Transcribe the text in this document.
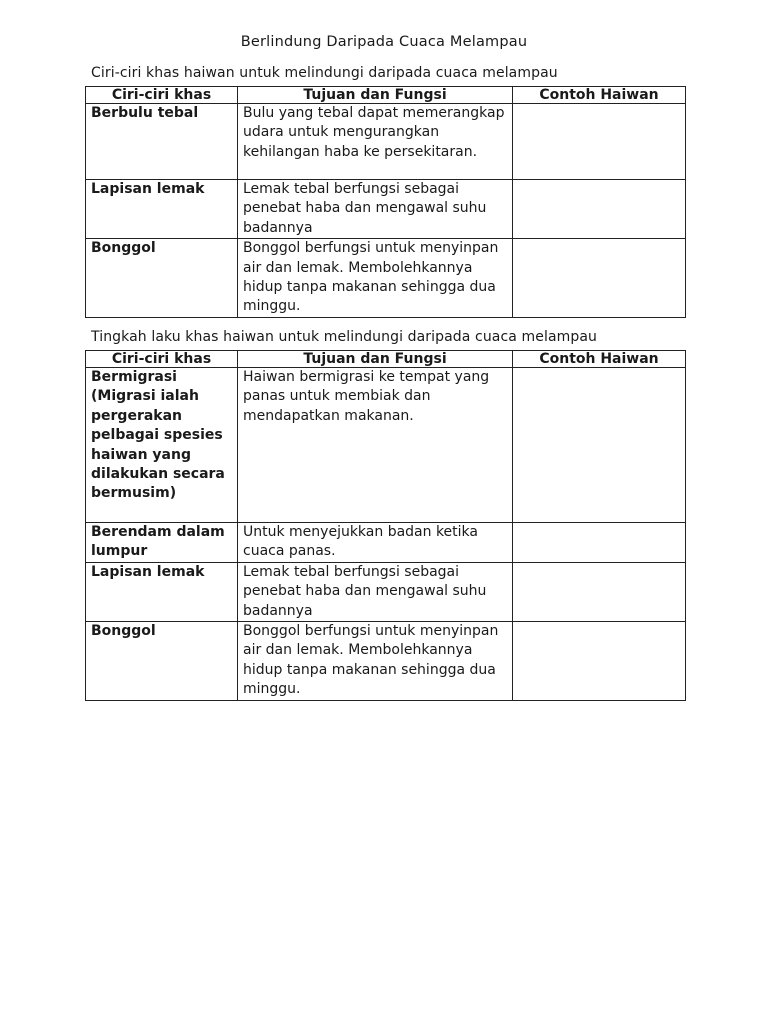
Berlindung Daripada Cuaca Melampau
Ciri-ciri khas haiwan untuk melindungi daripada cuaca melampau
Ciri-ciri khas	Tujuan dan Fungsi	Contoh Haiwan
Berbulu tebal	Bulu yang tebal dapat memerangkap udara untuk mengurangkan kehilangan haba ke persekitaran.	
Lapisan lemak	Lemak tebal berfungsi sebagai penebat haba dan mengawal suhu badannya	
Bonggol	Bonggol berfungsi untuk menyinpan air dan lemak. Membolehkannya hidup tanpa makanan sehingga dua minggu.	
Tingkah laku khas haiwan untuk melindungi daripada cuaca melampau
Ciri-ciri khas	Tujuan dan Fungsi	Contoh Haiwan
Bermigrasi (Migrasi ialah pergerakan pelbagai spesies haiwan yang dilakukan secara bermusim)	Haiwan bermigrasi ke tempat yang panas untuk membiak dan mendapatkan makanan.	
Berendam dalam lumpur	Untuk menyejukkan badan ketika cuaca panas.	
Lapisan lemak	Lemak tebal berfungsi sebagai penebat haba dan mengawal suhu badannya	
Bonggol	Bonggol berfungsi untuk menyinpan air dan lemak. Membolehkannya hidup tanpa makanan sehingga dua minggu.	
